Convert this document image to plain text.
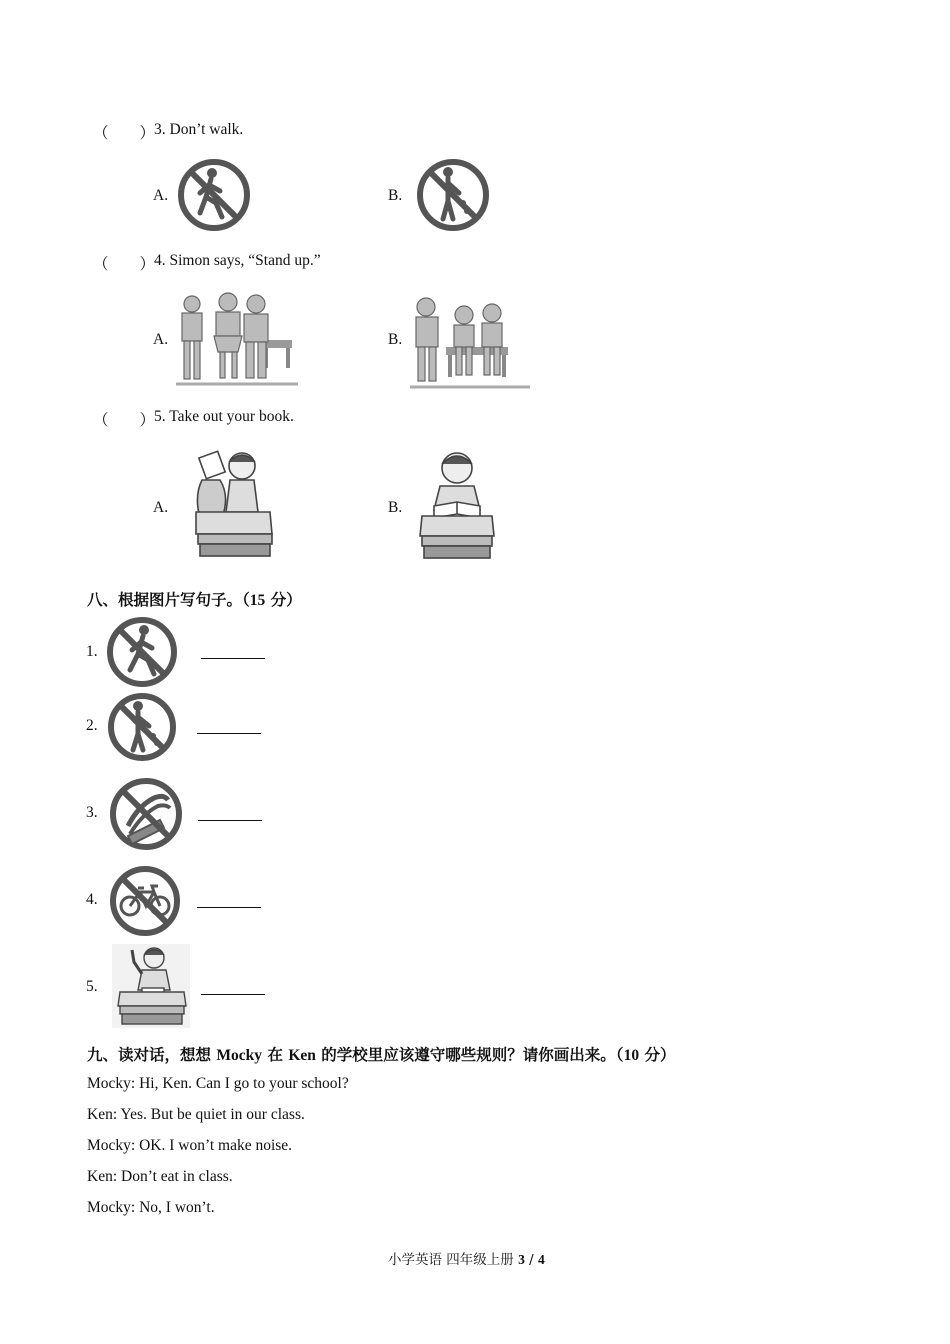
（　　）
3. Don’t walk.
A.	B.
（　　）
4. Simon says, “Stand up.”
A.	B.
（　　）
5. Take out your book.
A.	B.
八、根据图片写句子。（15 分）
1.
2.
3.
4.
5.
九、读对话，想想 Mocky 在 Ken 的学校里应该遵守哪些规则？请你画出来。（10 分）
Mocky: Hi, Ken. Can I go to your school?
Ken: Yes. But be quiet in our class.
Mocky: OK. I won’t make noise.
Ken: Don’t eat in class.
Mocky: No, I won’t.
小学英语 四年级上册 3 / 4
